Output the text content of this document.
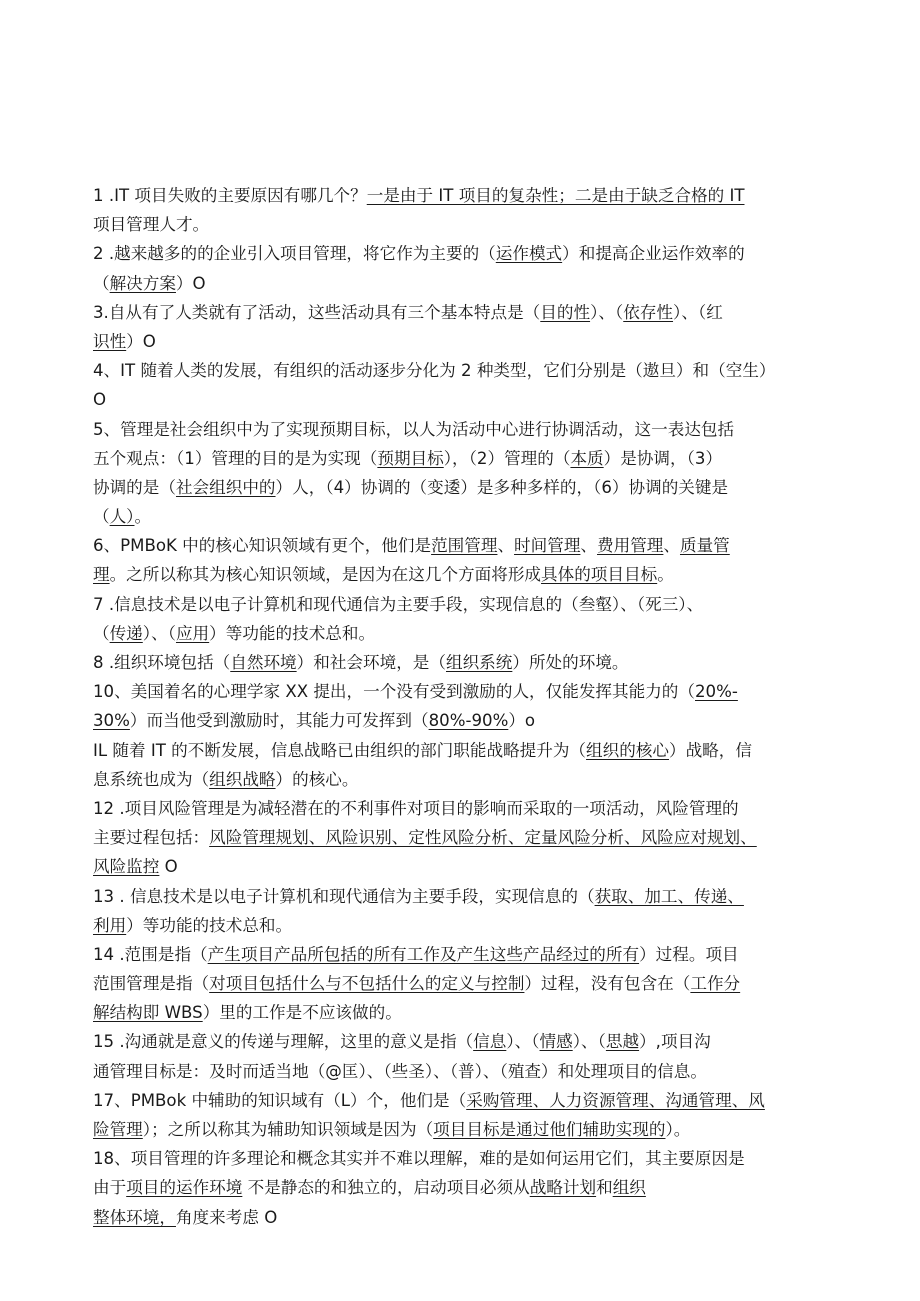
1 .IT 项目失败的主要原因有哪几个？一是由于 IT 项目的复杂性；二是由于缺乏合格的 IT
项目管理人才。
2 .越来越多的的企业引入项目管理，将它作为主要的（运作模式）和提高企业运作效率的
（解决方案）O
3.自从有了人类就有了活动，这些活动具有三个基本特点是（目的性）、（依存性）、（红
识性）O
4、IT 随着人类的发展，有组织的活动逐步分化为 2 种类型，它们分别是（遨旦）和（空生）
O
5、管理是社会组织中为了实现预期目标，以人为活动中心进行协调活动，这一表达包括
五个观点：（1）管理的目的是为实现（预期目标），（2）管理的（本质）是协调，（3）
协调的是（社会组织中的）人，（4）协调的（变逶）是多种多样的，（6）协调的关键是
（人）。
6、PMBoK 中的核心知识领域有更个，他们是范围管理、时间管理、费用管理、质量管
理。之所以称其为核心知识领域，是因为在这几个方面将形成具体的项目目标。
7 .信息技术是以电子计算机和现代通信为主要手段，实现信息的（叁壑）、（死三）、
（传递）、（应用）等功能的技术总和。
8 .组织环境包括（自然环境）和社会环境，是（组织系统）所处的环境。
10、美国着名的心理学家 XX 提出，一个没有受到激励的人，仅能发挥其能力的（20%-
30%）而当他受到激励时，其能力可发挥到（80%-90%）o
IL 随着 IT 的不断发展，信息战略已由组织的部门职能战略提升为（组织的核心）战略，信
息系统也成为（组织战略）的核心。
12 .项目风险管理是为减轻潜在的不利事件对项目的影响而采取的一项活动，风险管理的
主要过程包括：风险管理规划、风险识别、定性风险分析、定量风险分析、风险应对规划、
风险监控 O
13 . 信息技术是以电子计算机和现代通信为主要手段，实现信息的（获取、加工、传递、
利用）等功能的技术总和。
14 .范围是指（产生项目产品所包括的所有工作及产生这些产品经过的所有）过程。项目
范围管理是指（对项目包括什么与不包括什么的定义与控制）过程，没有包含在（工作分
解结构即 WBS）里的工作是不应该做的。
15 .沟通就是意义的传递与理解，这里的意义是指（信息）、（情感）、（思越）,项目沟
通管理目标是：及时而适当地（@匡）、（些圣）、（普）、（殖查）和处理项目的信息。
17、PMBok 中辅助的知识域有（L）个，他们是（采购管理、人力资源管理、沟通管理、风
险管理）；之所以称其为辅助知识领域是因为（项目目标是通过他们辅助实现的）。
18、项目管理的许多理论和概念其实并不难以理解，难的是如何运用它们，其主要原因是
由于项目的运作环境 不是静态的和独立的，启动项目必须从战略计划和组织
整体环境，角度来考虑 O
